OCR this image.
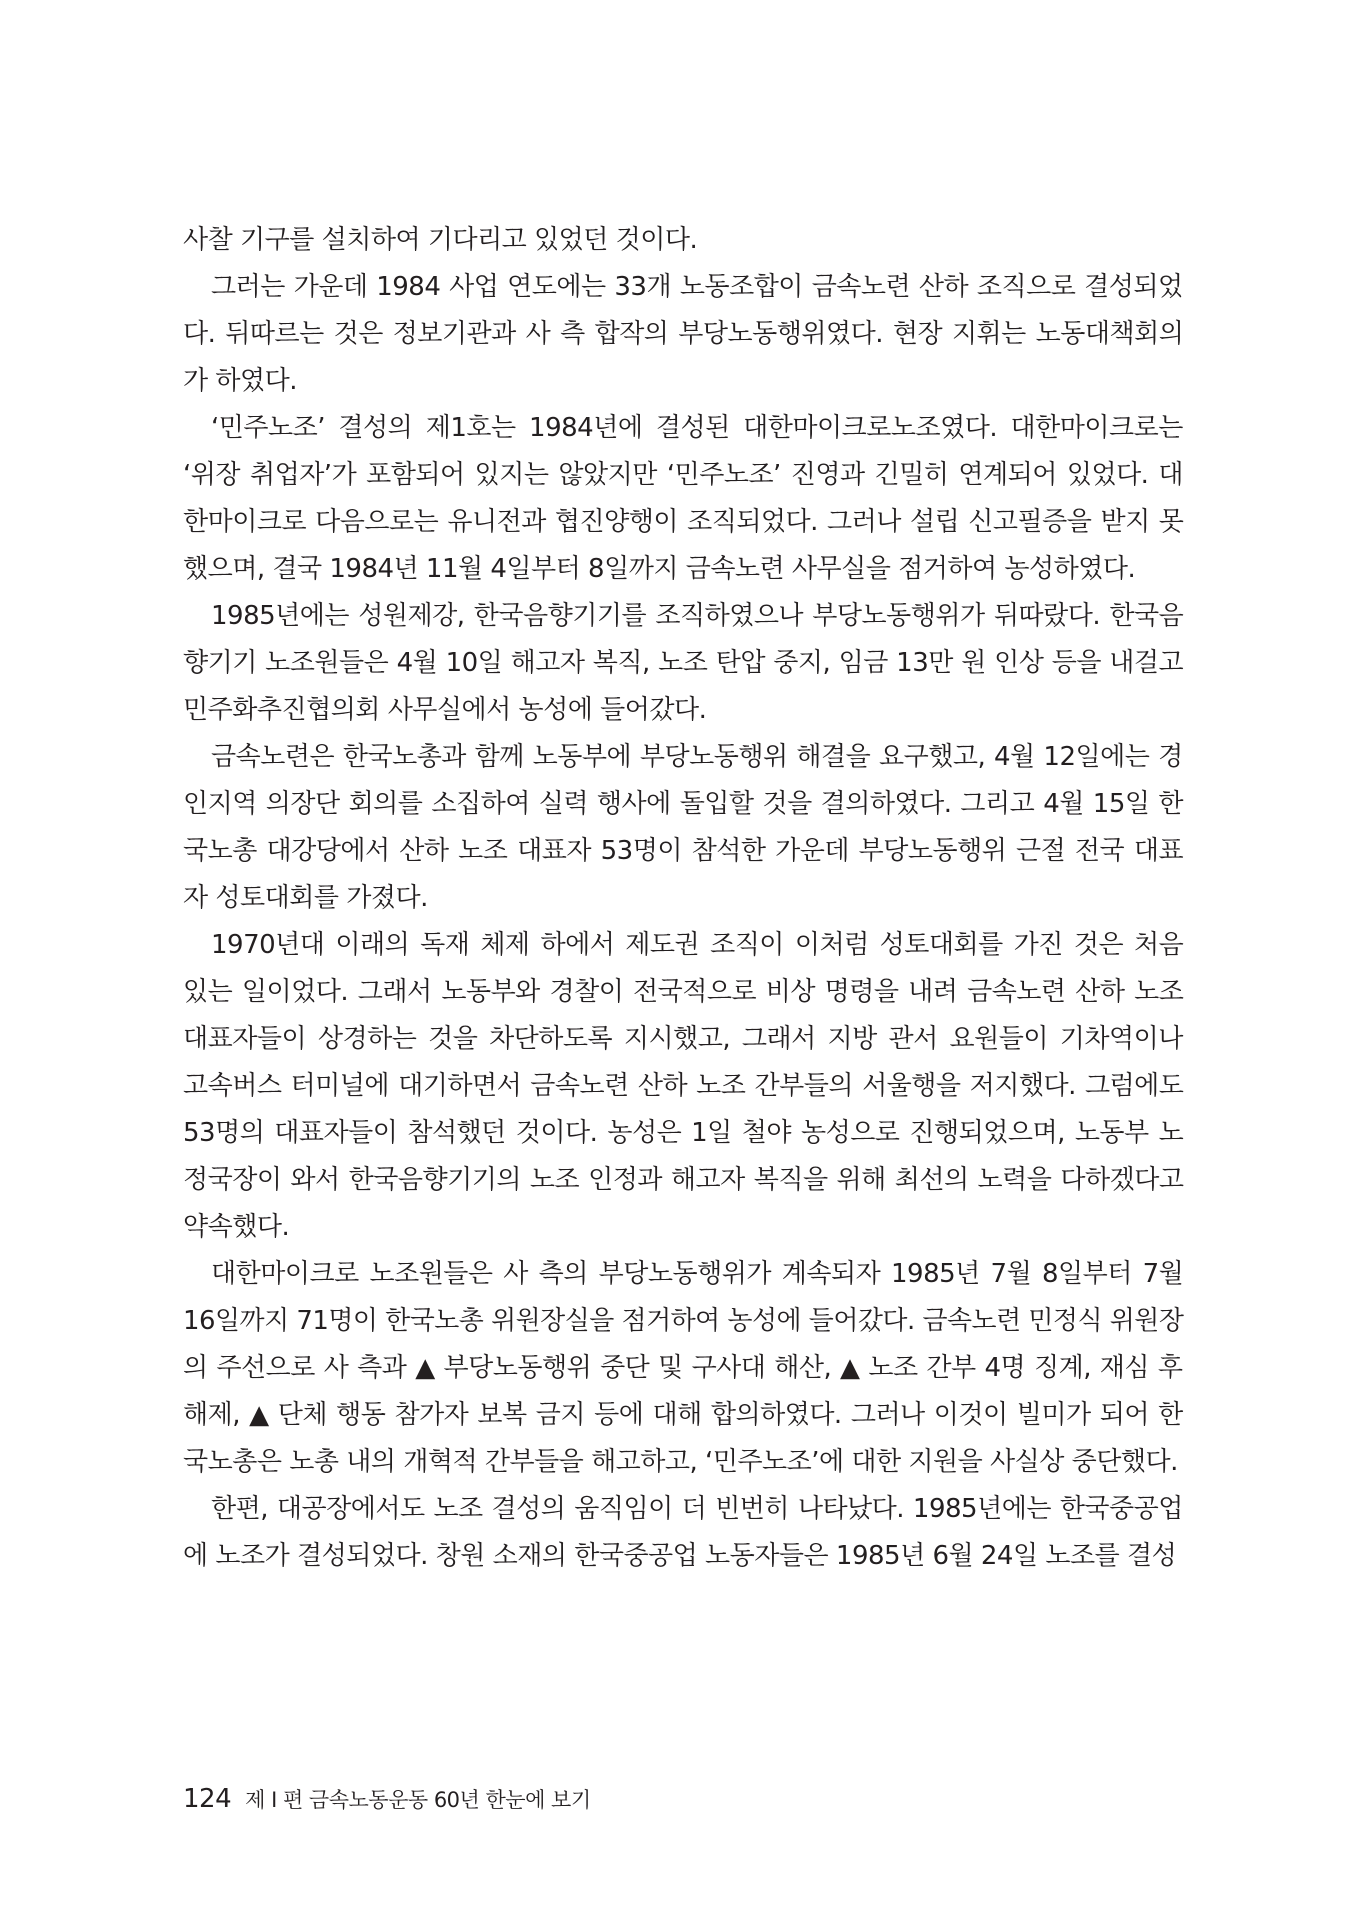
사찰 기구를 설치하여 기다리고 있었던 것이다.
그러는 가운데 1984 사업 연도에는 33개 노동조합이 금속노련 산하 조직으로 결성되었
다. 뒤따르는 것은 정보기관과 사 측 합작의 부당노동행위였다. 현장 지휘는 노동대책회의
가 하였다.
‘민주노조’ 결성의 제1호는 1984년에 결성된 대한마이크로노조였다. 대한마이크로는
‘위장 취업자’가 포함되어 있지는 않았지만 ‘민주노조’ 진영과 긴밀히 연계되어 있었다. 대
한마이크로 다음으로는 유니전과 협진양행이 조직되었다. 그러나 설립 신고필증을 받지 못
했으며, 결국 1984년 11월 4일부터 8일까지 금속노련 사무실을 점거하여 농성하였다.
1985년에는 성원제강, 한국음향기기를 조직하였으나 부당노동행위가 뒤따랐다. 한국음
향기기 노조원들은 4월 10일 해고자 복직, 노조 탄압 중지, 임금 13만 원 인상 등을 내걸고
민주화추진협의회 사무실에서 농성에 들어갔다.
금속노련은 한국노총과 함께 노동부에 부당노동행위 해결을 요구했고, 4월 12일에는 경
인지역 의장단 회의를 소집하여 실력 행사에 돌입할 것을 결의하였다. 그리고 4월 15일 한
국노총 대강당에서 산하 노조 대표자 53명이 참석한 가운데 부당노동행위 근절 전국 대표
자 성토대회를 가졌다.
1970년대 이래의 독재 체제 하에서 제도권 조직이 이처럼 성토대회를 가진 것은 처음
있는 일이었다. 그래서 노동부와 경찰이 전국적으로 비상 명령을 내려 금속노련 산하 노조
대표자들이 상경하는 것을 차단하도록 지시했고, 그래서 지방 관서 요원들이 기차역이나
고속버스 터미널에 대기하면서 금속노련 산하 노조 간부들의 서울행을 저지했다. 그럼에도
53명의 대표자들이 참석했던 것이다. 농성은 1일 철야 농성으로 진행되었으며, 노동부 노
정국장이 와서 한국음향기기의 노조 인정과 해고자 복직을 위해 최선의 노력을 다하겠다고
약속했다.
대한마이크로 노조원들은 사 측의 부당노동행위가 계속되자 1985년 7월 8일부터 7월
16일까지 71명이 한국노총 위원장실을 점거하여 농성에 들어갔다. 금속노련 민정식 위원장
의 주선으로 사 측과 ▲ 부당노동행위 중단 및 구사대 해산, ▲ 노조 간부 4명 징계, 재심 후
해제, ▲ 단체 행동 참가자 보복 금지 등에 대해 합의하였다. 그러나 이것이 빌미가 되어 한
국노총은 노총 내의 개혁적 간부들을 해고하고, ‘민주노조’에 대한 지원을 사실상 중단했다.
한편, 대공장에서도 노조 결성의 움직임이 더 빈번히 나타났다. 1985년에는 한국중공업
에 노조가 결성되었다. 창원 소재의 한국중공업 노동자들은 1985년 6월 24일 노조를 결성
124 제 I 편 금속노동운동 60년 한눈에 보기
